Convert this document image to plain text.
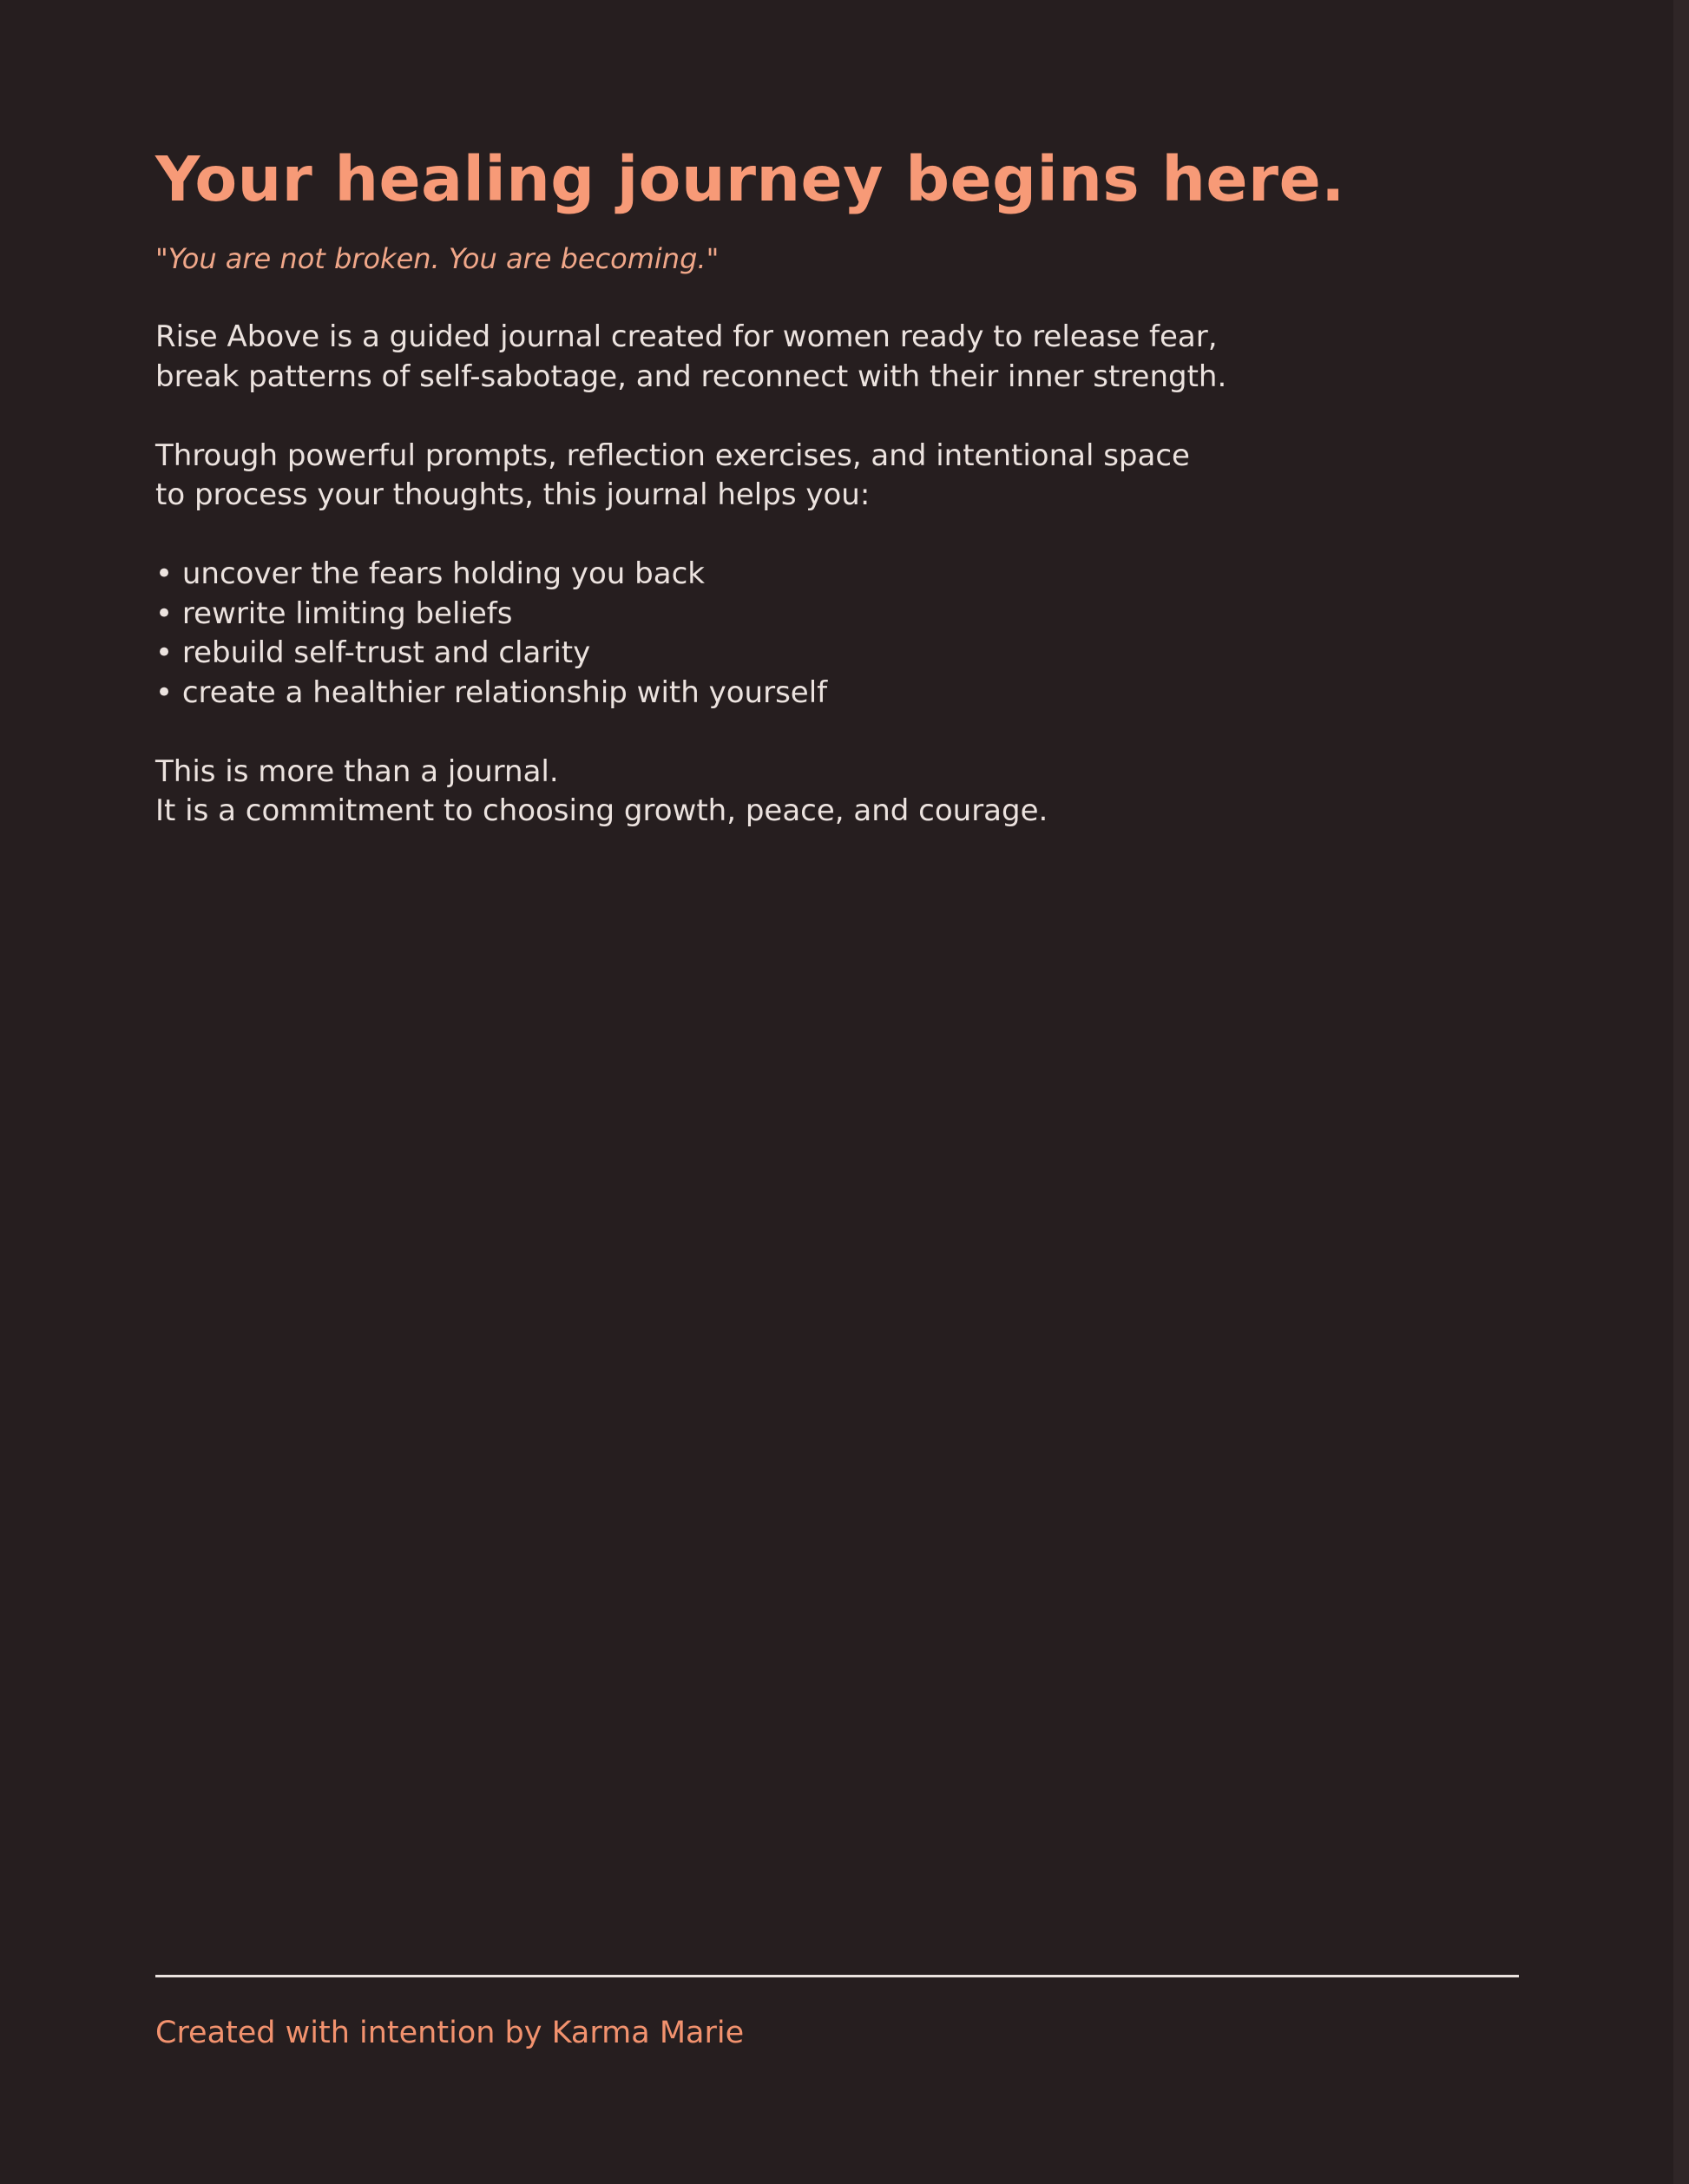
Your healing journey begins here.

"You are not broken. You are becoming."

Rise Above is a guided journal created for women ready to release fear,
break patterns of self-sabotage, and reconnect with their inner strength.
Through powerful prompts, reflection exercises, and intentional space
to process your thoughts, this journal helps you:
• uncover the fears holding you back
• rewrite limiting beliefs
• rebuild self-trust and clarity
• create a healthier relationship with yourself
This is more than a journal.
It is a commitment to choosing growth, peace, and courage.

Created with intention by Karma Marie
